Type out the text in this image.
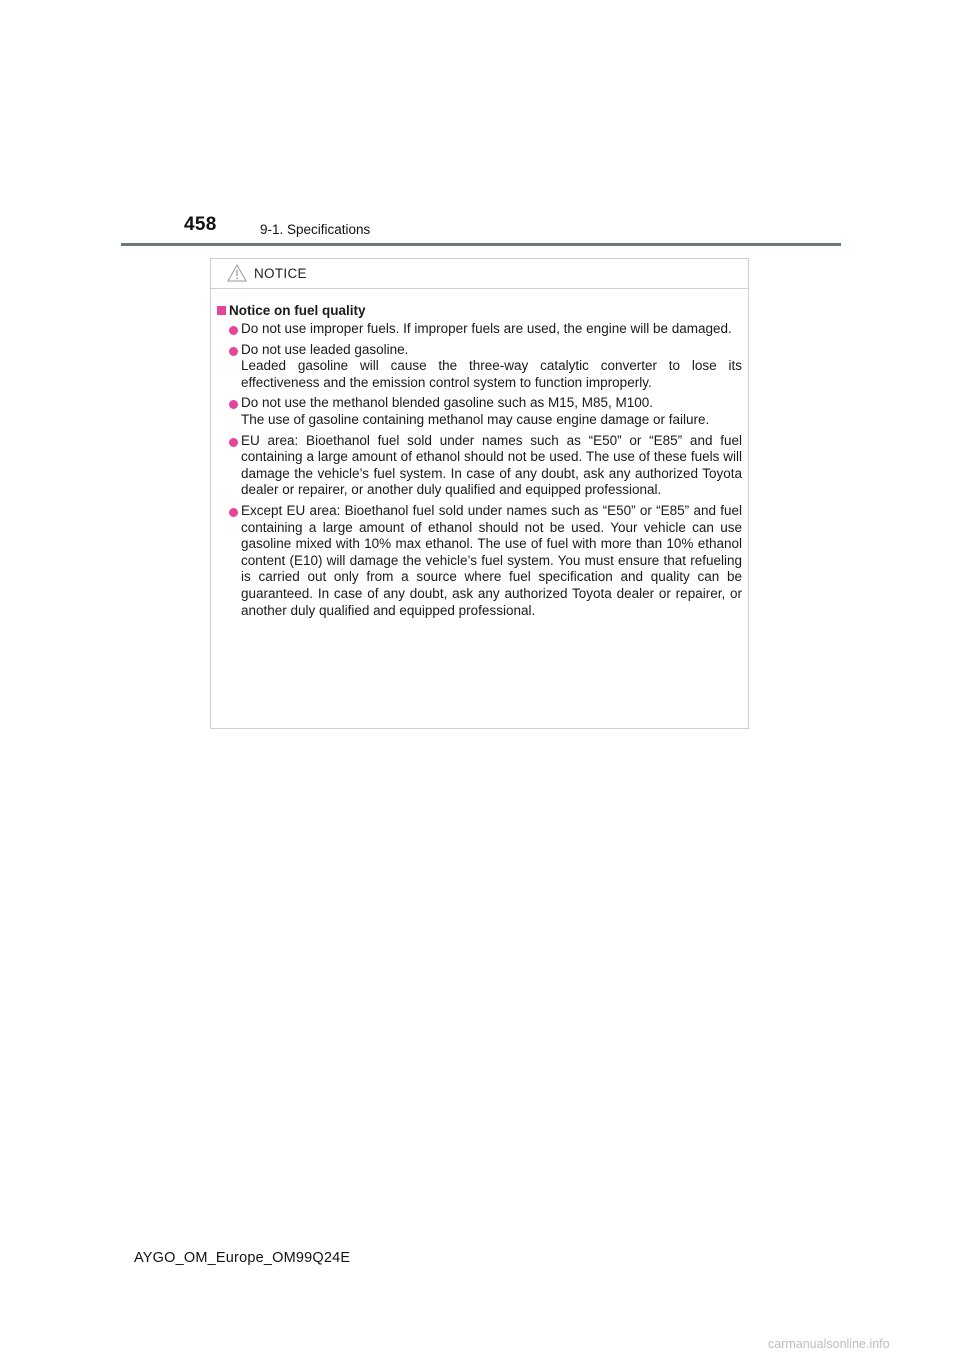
458	9-1. Specifications
NOTICE
Notice on fuel quality

Do not use improper fuels. If improper fuels are used, the engine will be damaged.

Do not use leaded gasoline.

Leaded gasoline will cause the three-way catalytic converter to lose its effectiveness and the emission control system to function improperly.

Do not use the methanol blended gasoline such as M15, M85, M100.

The use of gasoline containing methanol may cause engine damage or failure.

EU area: Bioethanol fuel sold under names such as “E50” or “E85” and fuel containing a large amount of ethanol should not be used. The use of these fuels will damage the vehicle’s fuel system. In case of any doubt, ask any authorized Toyota dealer or repairer, or another duly qualified and equipped professional.

Except EU area: Bioethanol fuel sold under names such as “E50” or “E85” and fuel containing a large amount of ethanol should not be used. Your vehicle can use gasoline mixed with 10% max ethanol. The use of fuel with more than 10% ethanol content (E10) will damage the vehicle’s fuel system. You must ensure that refueling is carried out only from a source where fuel specification and quality can be guaranteed. In case of any doubt, ask any authorized Toyota dealer or repairer, or another duly qualified and equipped professional.

AYGO_OM_Europe_OM99Q24E
carmanualsonline.info
